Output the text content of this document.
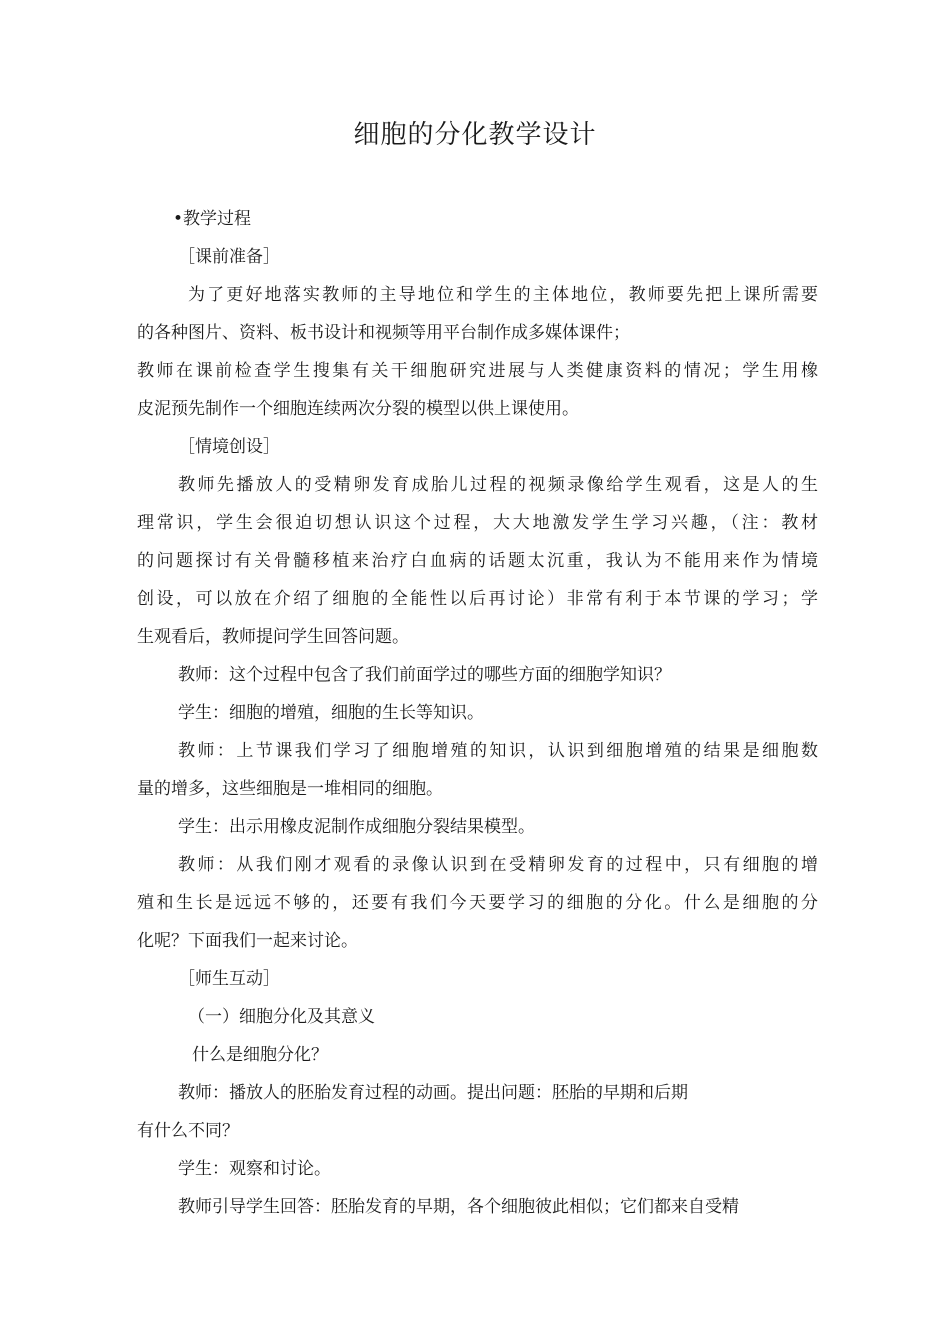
细胞的分化教学设计
•教学过程
［课前准备］
为了更好地落实教师的主导地位和学生的主体地位，教师要先把上课所需要
的各种图片、资料、板书设计和视频等用平台制作成多媒体课件；
教师在课前检查学生搜集有关干细胞研究进展与人类健康资料的情况；学生用橡
皮泥预先制作一个细胞连续两次分裂的模型以供上课使用。
［情境创设］
教师先播放人的受精卵发育成胎儿过程的视频录像给学生观看，这是人的生
理常识，学生会很迫切想认识这个过程，大大地激发学生学习兴趣，（注：教材
的问题探讨有关骨髓移植来治疗白血病的话题太沉重，我认为不能用来作为情境
创设，可以放在介绍了细胞的全能性以后再讨论）非常有利于本节课的学习；学
生观看后，教师提问学生回答问题。
教师：这个过程中包含了我们前面学过的哪些方面的细胞学知识？
学生：细胞的增殖，细胞的生长等知识。
教师：上节课我们学习了细胞增殖的知识，认识到细胞增殖的结果是细胞数
量的增多，这些细胞是一堆相同的细胞。
学生：出示用橡皮泥制作成细胞分裂结果模型。
教师：从我们刚才观看的录像认识到在受精卵发育的过程中，只有细胞的增
殖和生长是远远不够的，还要有我们今天要学习的细胞的分化。什么是细胞的分
化呢？下面我们一起来讨论。
［师生互动］
（一）细胞分化及其意义
什么是细胞分化？
教师：播放人的胚胎发育过程的动画。提出问题：胚胎的早期和后期
有什么不同？
学生：观察和讨论。
教师引导学生回答：胚胎发育的早期，各个细胞彼此相似；它们都来自受精
